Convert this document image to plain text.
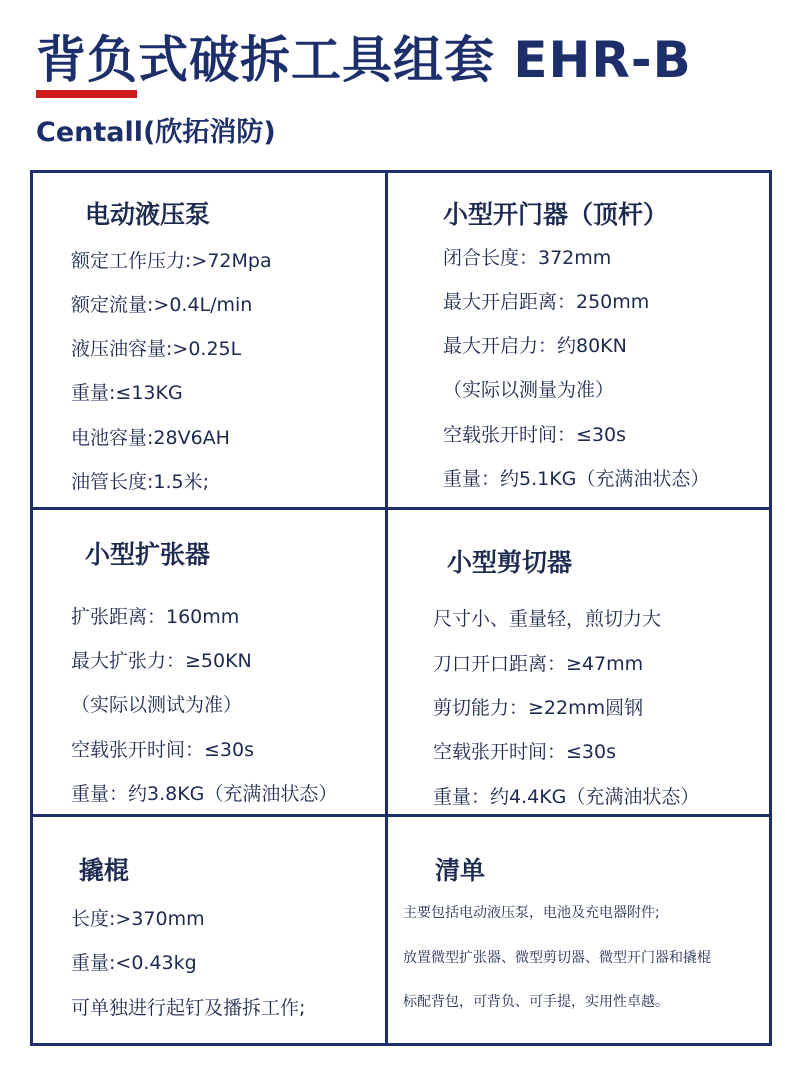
背负式破拆工具组套 EHR-B
Centall(欣拓消防)
电动液压泵
额定工作压力:>72Mpa
额定流量:>0.4L/min
液压油容量:>0.25L
重量:≤13KG
电池容量:28V6AH
油管长度:1.5米;
小型开门器（顶杆）
闭合长度：372mm
最大开启距离：250mm
最大开启力：约80KN
（实际以测量为准）
空载张开时间：≤30s
重量：约5.1KG（充满油状态）
小型扩张器
扩张距离：160mm
最大扩张力：≥50KN
（实际以测试为准）
空载张开时间：≤30s
重量：约3.8KG（充满油状态）
小型剪切器
尺寸小、重量轻，煎切力大
刀口开口距离：≥47mm
剪切能力：≥22mm圆钢
空载张开时间：≤30s
重量：约4.4KG（充满油状态）
撬棍
长度:>370mm
重量:<0.43kg
可单独进行起钉及播拆工作;
清单
主要包括电动液压泵，电池及充电器附件;
放置微型扩张器、微型剪切器、微型开门器和撬棍
标配背包，可背负、可手提，实用性卓越。
